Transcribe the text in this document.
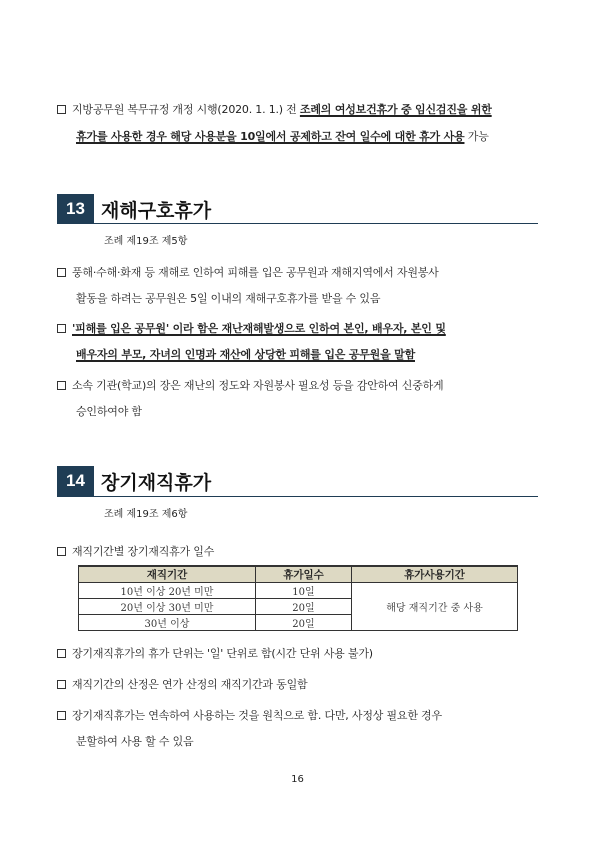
지방공무원 복무규정 개정 시행(2020. 1. 1.) 전 조례의 여성보건휴가 중 임신검진을 위한
휴가를 사용한 경우 해당 사용분을 10일에서 공제하고 잔여 일수에 대한 휴가 사용 가능
13 재해구호휴가
조례 제19조 제5항
풍해·수해·화재 등 재해로 인하여 피해를 입은 공무원과 재해지역에서 자원봉사
활동을 하려는 공무원은 5일 이내의 재해구호휴가를 받을 수 있음
'피해를 입은 공무원' 이라 함은 재난재해발생으로 인하여 본인, 배우자, 본인 및
배우자의 부모, 자녀의 인명과 재산에 상당한 피해를 입은 공무원을 말함
소속 기관(학교)의 장은 재난의 정도와 자원봉사 필요성 등을 감안하여 신중하게
승인하여야 함
14 장기재직휴가
조례 제19조 제6항
재직기간별 장기재직휴가 일수
재직기간	휴가일수	휴가사용기간
10년 이상 20년 미만	10일	해당 재직기간 중 사용
20년 이상 30년 미만	20일	
30년 이상	20일	
장기재직휴가의 휴가 단위는 '일' 단위로 함(시간 단위 사용 불가)
재직기간의 산정은 연가 산정의 재직기간과 동일함
장기재직휴가는 연속하여 사용하는 것을 원칙으로 함. 다만, 사정상 필요한 경우
분할하여 사용 할 수 있음
16
